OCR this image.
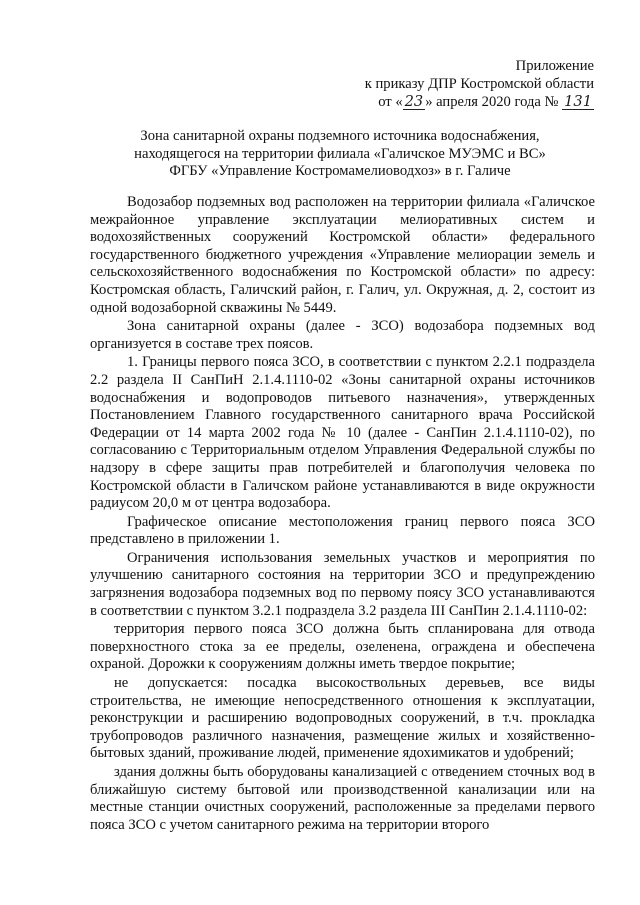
Приложение
к приказу ДПР Костромской области
от « 23 » апреля 2020 года № 131
Зона санитарной охраны подземного источника водоснабжения,
находящегося на территории филиала «Галичское МУЭМС и ВС»
ФГБУ «Управление Костромамелиоводхоз» в г. Галиче

Водозабор подземных вод расположен на территории филиала «Галичское межрайонное управление эксплуатации мелиоративных систем и водохозяйственных сооружений Костромской области» федерального государственного бюджетного учреждения «Управление мелиорации земель и сельскохозяйственного водоснабжения по Костромской области» по адресу: Костромская область, Галичский район, г. Галич, ул. Окружная, д. 2, состоит из одной водозаборной скважины № 5449.

Зона санитарной охраны (далее - ЗСО) водозабора подземных вод организуется в составе трех поясов.

1. Границы первого пояса ЗСО, в соответствии с пунктом 2.2.1 подраздела 2.2 раздела II СанПиН 2.1.4.1110-02 «Зоны санитарной охраны источников водоснабжения и водопроводов питьевого назначения», утвержденных Постановлением Главного государственного санитарного врача Российской Федерации от 14 марта 2002 года № 10 (далее - СанПин 2.1.4.1110-02), по согласованию с Территориальным отделом Управления Федеральной службы по надзору в сфере защиты прав потребителей и благополучия человека по Костромской области в Галичском районе устанавливаются в виде окружности радиусом 20,0 м от центра водозабора.

Графическое описание местоположения границ первого пояса ЗСО представлено в приложении 1.

Ограничения использования земельных участков и мероприятия по улучшению санитарного состояния на территории ЗСО и предупреждению загрязнения водозабора подземных вод по первому поясу ЗСО устанавливаются в соответствии с пунктом 3.2.1 подраздела 3.2 раздела III СанПин 2.1.4.1110-02:

территория первого пояса ЗСО должна быть спланирована для отвода поверхностного стока за ее пределы, озеленена, ограждена и обеспечена охраной. Дорожки к сооружениям должны иметь твердое покрытие;

не допускается: посадка высокоствольных деревьев, все виды строительства, не имеющие непосредственного отношения к эксплуатации, реконструкции и расширению водопроводных сооружений, в т.ч. прокладка трубопроводов различного назначения, размещение жилых и хозяйственно-бытовых зданий, проживание людей, применение ядохимикатов и удобрений;

здания должны быть оборудованы канализацией с отведением сточных вод в ближайшую систему бытовой или производственной канализации или на местные станции очистных сооружений, расположенные за пределами первого пояса ЗСО с учетом санитарного режима на территории второго
